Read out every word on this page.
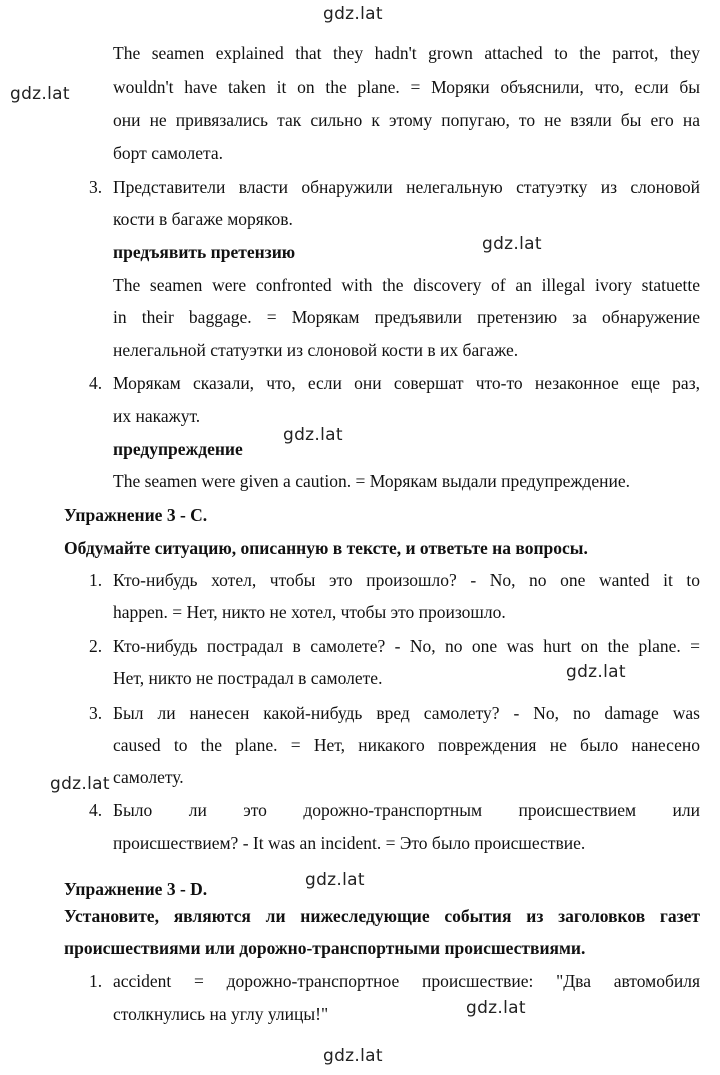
gdz.lat
gdz.lat
gdz.lat
gdz.lat
gdz.lat
gdz.lat
gdz.lat
gdz.lat
gdz.lat
The seamen explained that they hadn't grown attached to the parrot, they
wouldn't have taken it on the plane. = Моряки объяснили, что, если бы
они не привязались так сильно к этому попугаю, то не взяли бы его на
борт самолета.
3. Представители власти обнаружили нелегальную статуэтку из слоновой
кости в багаже моряков.
предъявить претензию
The seamen were confronted with the discovery of an illegal ivory statuette
in their baggage. = Морякам предъявили претензию за обнаружение
нелегальной статуэтки из слоновой кости в их багаже.
4. Морякам сказали, что, если они совершат что-то незаконное еще раз,
их накажут.
предупреждение
The seamen were given a caution. = Морякам выдали предупреждение.
Упражнение 3 - C.
Обдумайте ситуацию, описанную в тексте, и ответьте на вопросы.
1. Кто-нибудь хотел, чтобы это произошло? - No, no one wanted it to
happen. = Нет, никто не хотел, чтобы это произошло.
2. Кто-нибудь пострадал в самолете? - No, no one was hurt on the plane. =
Нет, никто не пострадал в самолете.
3. Был ли нанесен какой-нибудь вред самолету? - No, no damage was
caused to the plane. = Нет, никакого повреждения не было нанесено
самолету.
4. Было ли это дорожно-транспортным происшествием или
происшествием? - It was an incident. = Это было происшествие.
Упражнение 3 - D.
Установите, являются ли нижеследующие события из заголовков газет
происшествиями или дорожно-транспортными происшествиями.
1. accident = дорожно-транспортное происшествие: "Два автомобиля
столкнулись на углу улицы!"
